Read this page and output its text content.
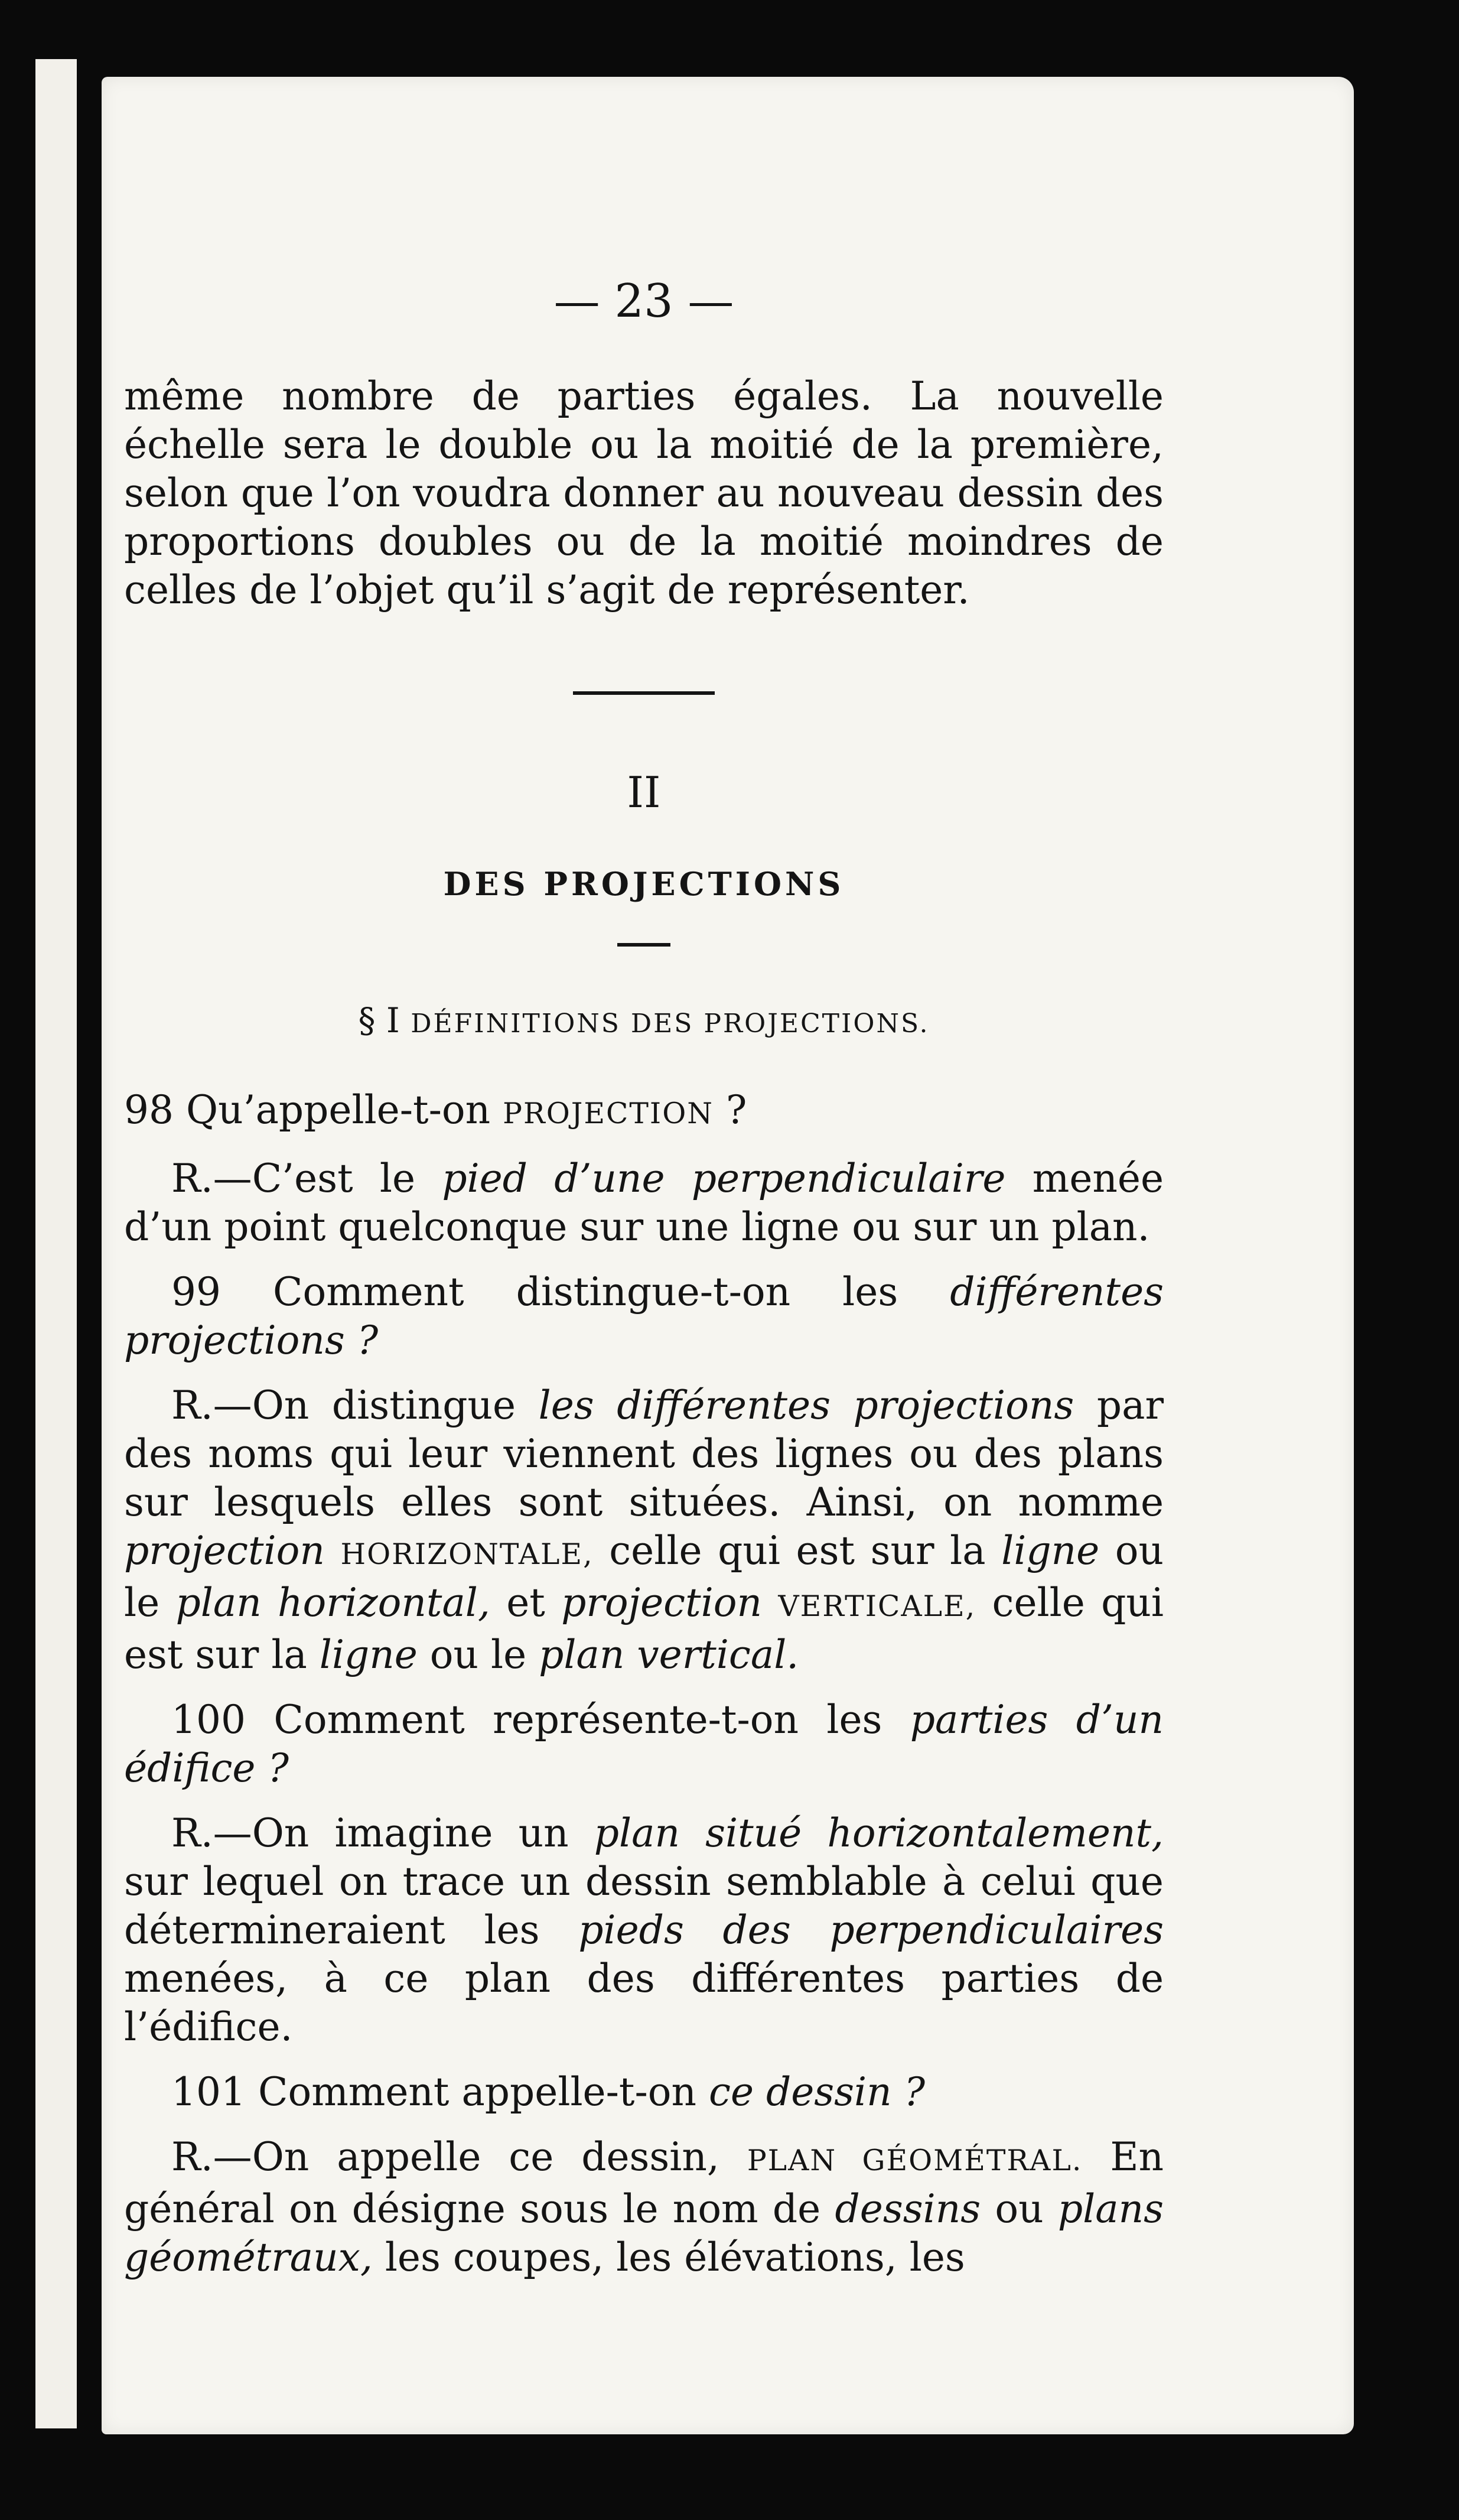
— 23 —

même nombre de parties égales. La nouvelle échelle sera le double ou la moitié de la première, selon que l’on voudra donner au nouveau dessin des proportions doubles ou de la moitié moindres de celles de l’objet qu’il s’agit de représenter.

II
DES PROJECTIONS
§ I DÉFINITIONS DES PROJECTIONS.

98 Qu’appelle-t-on PROJECTION ?

R.—C’est le pied d’une perpendiculaire menée d’un point quelconque sur une ligne ou sur un plan.

99 Comment distingue-t-on les différentes projections ?

R.—On distingue les différentes projections par des noms qui leur viennent des lignes ou des plans sur lesquels elles sont situées. Ainsi, on nomme projection HORIZONTALE, celle qui est sur la ligne ou le plan horizontal, et projection VERTICALE, celle qui est sur la ligne ou le plan vertical.

100 Comment représente-t-on les parties d’un édifice ?

R.—On imagine un plan situé horizontalement, sur lequel on trace un dessin semblable à celui que détermineraient les pieds des perpendiculaires menées, à ce plan des différentes parties de l’édifice.

101 Comment appelle-t-on ce dessin ?

R.—On appelle ce dessin, PLAN GÉOMÉTRAL. En général on désigne sous le nom de dessins ou plans géométraux, les coupes, les élévations, les
